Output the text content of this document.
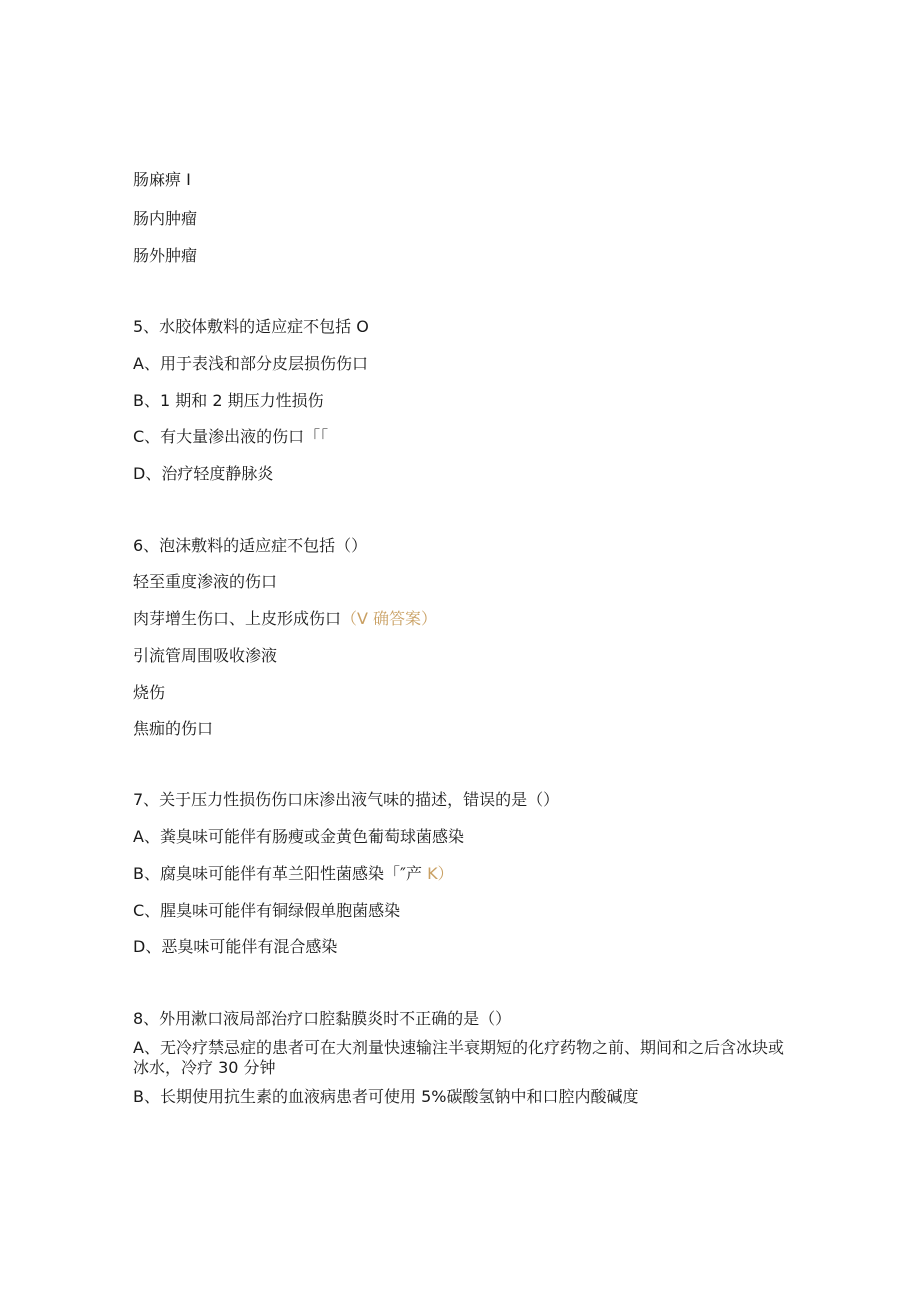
肠麻痹 I
肠内肿瘤
肠外肿瘤
5、水胶体敷料的适应症不包括 O
A、用于表浅和部分皮层损伤伤口
B、1 期和 2 期压力性损伤
C、有大量渗出液的伤口「「
D、治疗轻度静脉炎
6、泡沫敷料的适应症不包括（）
轻至重度渗液的伤口
肉芽增生伤口、上皮形成伤口（V 确答案）
引流管周围吸收渗液
烧伤
焦痂的伤口
7、关于压力性损伤伤口床渗出液气味的描述，错误的是（）
A、粪臭味可能伴有肠瘦或金黄色葡萄球菌感染
B、腐臭味可能伴有革兰阳性菌感染「″产 K）
C、腥臭味可能伴有铜绿假单胞菌感染
D、恶臭味可能伴有混合感染
8、外用漱口液局部治疗口腔黏膜炎时不正确的是（）
A、无冷疗禁忌症的患者可在大剂量快速输注半衰期短的化疗药物之前、期间和之后含冰块或冰水，冷疗 30 分钟
B、长期使用抗生素的血液病患者可使用 5%碳酸氢钠中和口腔内酸碱度
